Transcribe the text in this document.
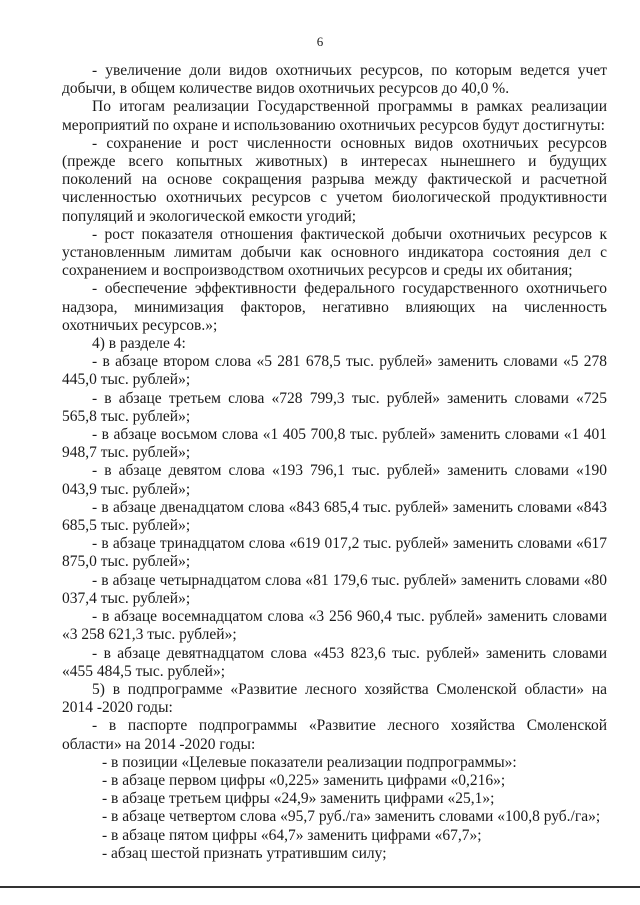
6

- увеличение доли видов охотничьих ресурсов, по которым ведется учет добычи, в общем количестве видов охотничьих ресурсов до 40,0 %.

По итогам реализации Государственной программы в рамках реализации мероприятий по охране и использованию охотничьих ресурсов будут достигнуты:

- сохранение и рост численности основных видов охотничьих ресурсов (прежде всего копытных животных) в интересах нынешнего и будущих поколений на основе сокращения разрыва между фактической и расчетной численностью охотничьих ресурсов с учетом биологической продуктивности популяций и экологической емкости угодий;

- рост показателя отношения фактической добычи охотничьих ресурсов к установленным лимитам добычи как основного индикатора состояния дел с сохранением и воспроизводством охотничьих ресурсов и среды их обитания;

- обеспечение эффективности федерального государственного охотничьего надзора, минимизация факторов, негативно влияющих на численность охотничьих ресурсов.»;

4) в разделе 4:

- в абзаце втором слова «5 281 678,5 тыс. рублей» заменить словами «5 278 445,0 тыс. рублей»;

- в абзаце третьем слова «728 799,3 тыс. рублей» заменить словами «725 565,8 тыс. рублей»;

- в абзаце восьмом слова «1 405 700,8 тыс. рублей» заменить словами «1 401 948,7 тыс. рублей»;

- в абзаце девятом слова «193 796,1 тыс. рублей» заменить словами «190 043,9 тыс. рублей»;

- в абзаце двенадцатом слова «843 685,4 тыс. рублей» заменить словами «843 685,5 тыс. рублей»;

- в абзаце тринадцатом слова «619 017,2 тыс. рублей» заменить словами «617 875,0 тыс. рублей»;

- в абзаце четырнадцатом слова «81 179,6 тыс. рублей» заменить словами «80 037,4 тыс. рублей»;

- в абзаце восемнадцатом слова «3 256 960,4 тыс. рублей» заменить словами «3 258 621,3 тыс. рублей»;

- в абзаце девятнадцатом слова «453 823,6 тыс. рублей» заменить словами «455 484,5 тыс. рублей»;

5) в подпрограмме «Развитие лесного хозяйства Смоленской области» на 2014 -2020 годы:

- в паспорте подпрограммы «Развитие лесного хозяйства Смоленской области» на 2014 -2020 годы:

- в позиции «Целевые показатели реализации подпрограммы»:

- в абзаце первом цифры «0,225» заменить цифрами «0,216»;

- в абзаце третьем цифры «24,9» заменить цифрами «25,1»;

- в абзаце четвертом слова «95,7 руб./га» заменить словами «100,8 руб./га»;

- в абзаце пятом цифры «64,7» заменить цифрами «67,7»;

- абзац шестой признать утратившим силу;
